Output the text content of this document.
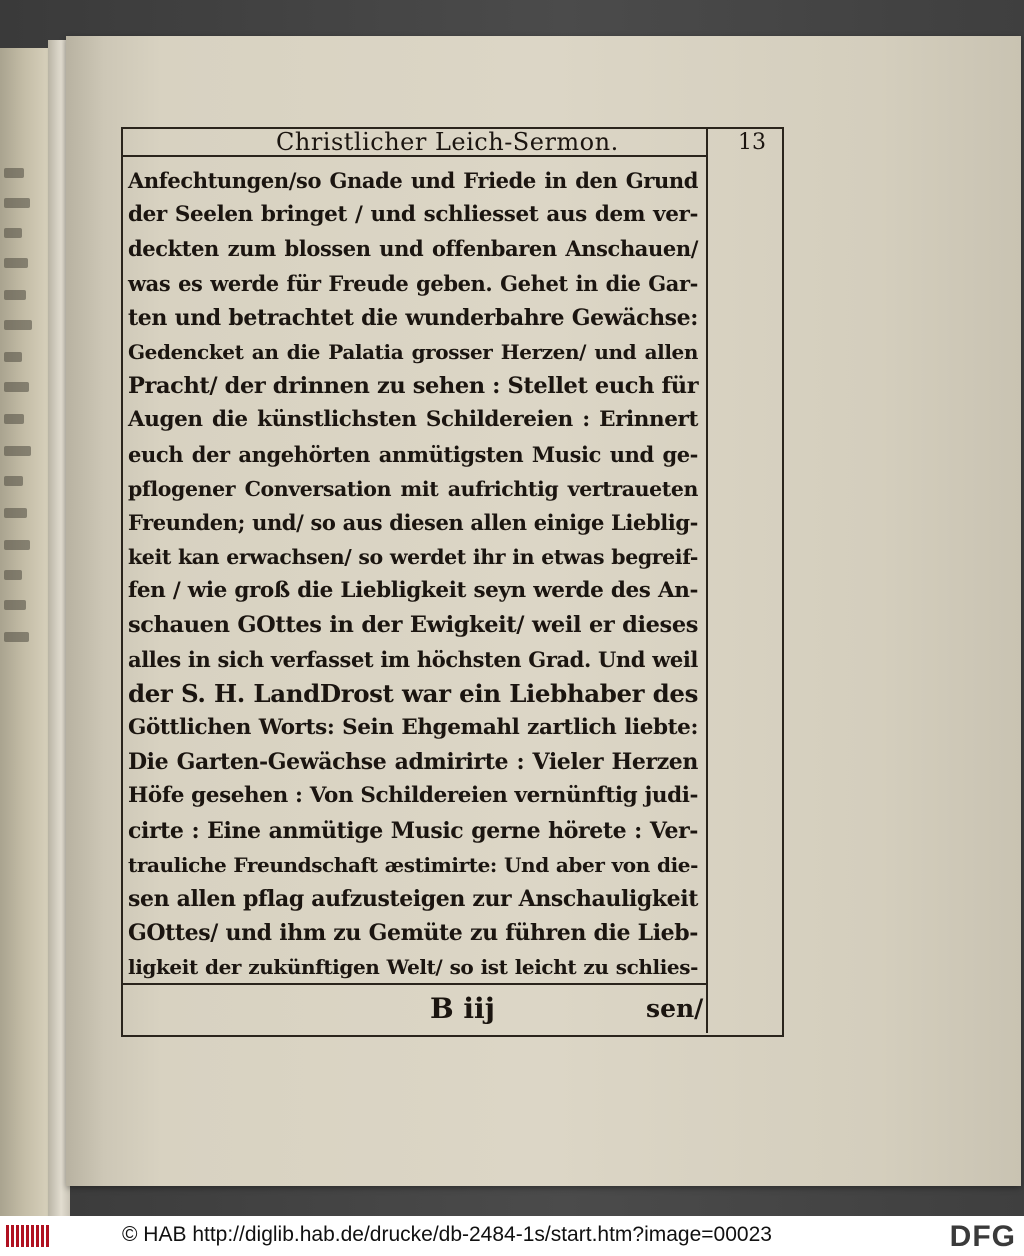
Christlicher Leich-Sermon.	13
Anfechtungen/so Gnade und Friede in den Grund
der Seelen bringet / und schliesset aus dem ver-
deckten zum blossen und offenbaren Anschauen/
was es werde für Freude geben. Gehet in die Gar-
ten und betrachtet die wunderbahre Gewächse:
Gedencket an die Palatia grosser Herzen/ und allen
Pracht/ der drinnen zu sehen : Stellet euch für
Augen die künstlichsten Schildereien : Erinnert
euch der angehörten anmütigsten Music und ge-
pflogener Conversation mit aufrichtig vertraueten
Freunden; und/ so aus diesen allen einige Lieblig-
keit kan erwachsen/ so werdet ihr in etwas begreif-
fen / wie groß die Liebligkeit seyn werde des An-
schauen GOttes in der Ewigkeit/ weil er dieses
alles in sich verfasset im höchsten Grad. Und weil
der S. H. LandDrost war ein Liebhaber des
Göttlichen Worts: Sein Ehgemahl zartlich liebte:
Die Garten-Gewächse admirirte : Vieler Herzen
Höfe gesehen : Von Schildereien vernünftig judi-
cirte : Eine anmütige Music gerne hörete : Ver-
trauliche Freundschaft æstimirte: Und aber von die-
sen allen pflag aufzusteigen zur Anschauligkeit
GOttes/ und ihm zu Gemüte zu führen die Lieb-
ligkeit der zukünftigen Welt/ so ist leicht zu schlies-
B iij	sen/
© HAB http://diglib.hab.de/drucke/db-2484-1s/start.htm?image=00023	DFG
